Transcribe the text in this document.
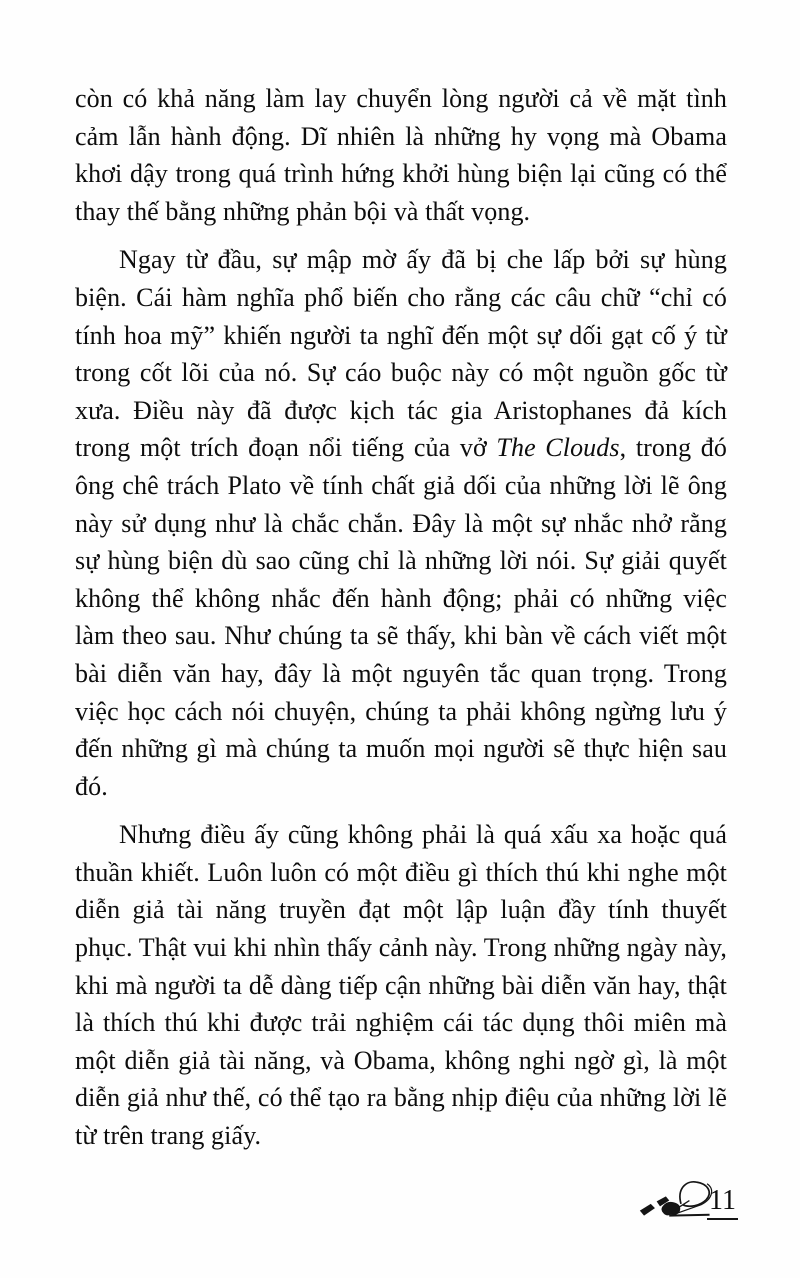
còn có khả năng làm lay chuyển lòng người cả về mặt tình cảm lẫn hành động. Dĩ nhiên là những hy vọng mà Obama khơi dậy trong quá trình hứng khởi hùng biện lại cũng có thể thay thế bằng những phản bội và thất vọng.

Ngay từ đầu, sự mập mờ ấy đã bị che lấp bởi sự hùng biện. Cái hàm nghĩa phổ biến cho rằng các câu chữ “chỉ có tính hoa mỹ” khiến người ta nghĩ đến một sự dối gạt cố ý từ trong cốt lõi của nó. Sự cáo buộc này có một nguồn gốc từ xưa. Điều này đã được kịch tác gia Aristophanes đả kích trong một trích đoạn nổi tiếng của vở The Clouds, trong đó ông chê trách Plato về tính chất giả dối của những lời lẽ ông này sử dụng như là chắc chắn. Đây là một sự nhắc nhở rằng sự hùng biện dù sao cũng chỉ là những lời nói. Sự giải quyết không thể không nhắc đến hành động; phải có những việc làm theo sau. Như chúng ta sẽ thấy, khi bàn về cách viết một bài diễn văn hay, đây là một nguyên tắc quan trọng. Trong việc học cách nói chuyện, chúng ta phải không ngừng lưu ý đến những gì mà chúng ta muốn mọi người sẽ thực hiện sau đó.

Nhưng điều ấy cũng không phải là quá xấu xa hoặc quá thuần khiết. Luôn luôn có một điều gì thích thú khi nghe một diễn giả tài năng truyền đạt một lập luận đầy tính thuyết phục. Thật vui khi nhìn thấy cảnh này. Trong những ngày này, khi mà người ta dễ dàng tiếp cận những bài diễn văn hay, thật là thích thú khi được trải nghiệm cái tác dụng thôi miên mà một diễn giả tài năng, và Obama, không nghi ngờ gì, là một diễn giả như thế, có thể tạo ra bằng nhịp điệu của những lời lẽ từ trên trang giấy.

11
